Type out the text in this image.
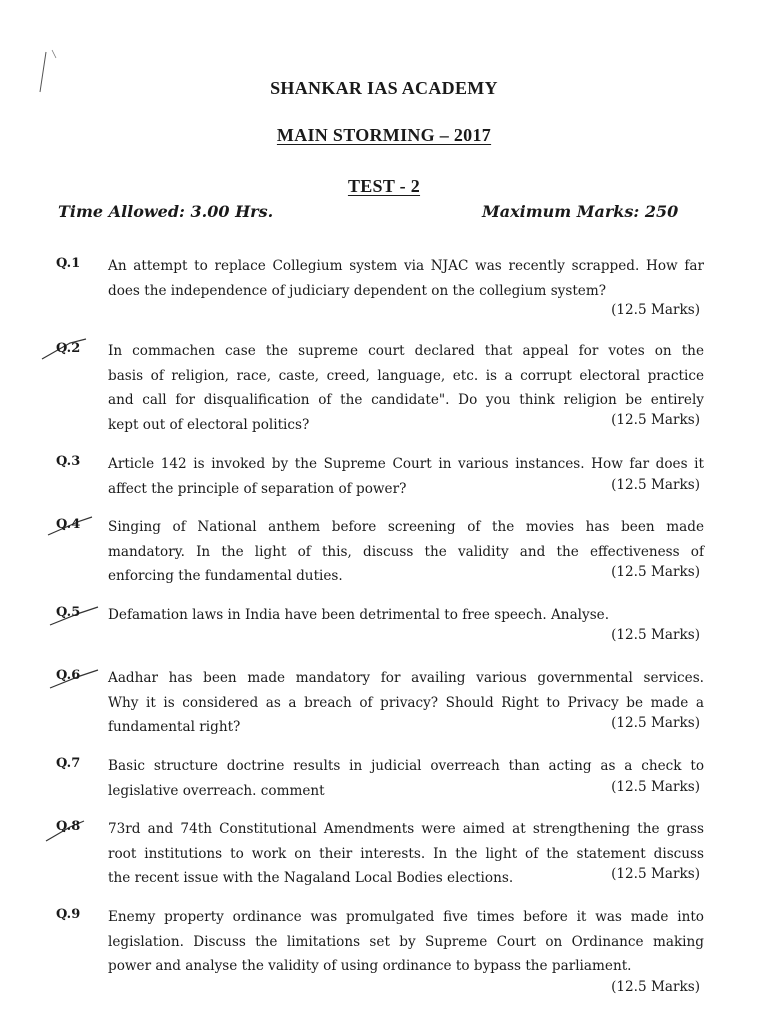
SHANKAR IAS ACADEMY
MAIN STORMING – 2017
TEST - 2
Time Allowed: 3.00 Hrs.	Maximum Marks: 250
Q.1 An attempt to replace Collegium system via NJAC was recently scrapped. How far
does the independence of judiciary dependent on the collegium system?
(12.5 Marks)
Q.2 In commachen case the supreme court declared that appeal for votes on the
basis of religion, race, caste, creed, language, etc. is a corrupt electoral practice
and call for disqualification of the candidate". Do you think religion be entirely
kept out of electoral politics?	(12.5 Marks)
Q.3 Article 142 is invoked by the Supreme Court in various instances. How far does it
affect the principle of separation of power?	(12.5 Marks)
Q.4 Singing of National anthem before screening of the movies has been made
mandatory. In the light of this, discuss the validity and the effectiveness of
enforcing the fundamental duties.	(12.5 Marks)
Q.5 Defamation laws in India have been detrimental to free speech. Analyse.
(12.5 Marks)
Q.6 Aadhar has been made mandatory for availing various governmental services.
Why it is considered as a breach of privacy? Should Right to Privacy be made a
fundamental right?	(12.5 Marks)
Q.7 Basic structure doctrine results in judicial overreach than acting as a check to
legislative overreach. comment	(12.5 Marks)
Q.8 73rd and 74th Constitutional Amendments were aimed at strengthening the grass
root institutions to work on their interests. In the light of the statement discuss
the recent issue with the Nagaland Local Bodies elections.	(12.5 Marks)
Q.9 Enemy property ordinance was promulgated five times before it was made into
legislation. Discuss the limitations set by Supreme Court on Ordinance making
power and analyse the validity of using ordinance to bypass the parliament.
(12.5 Marks)
